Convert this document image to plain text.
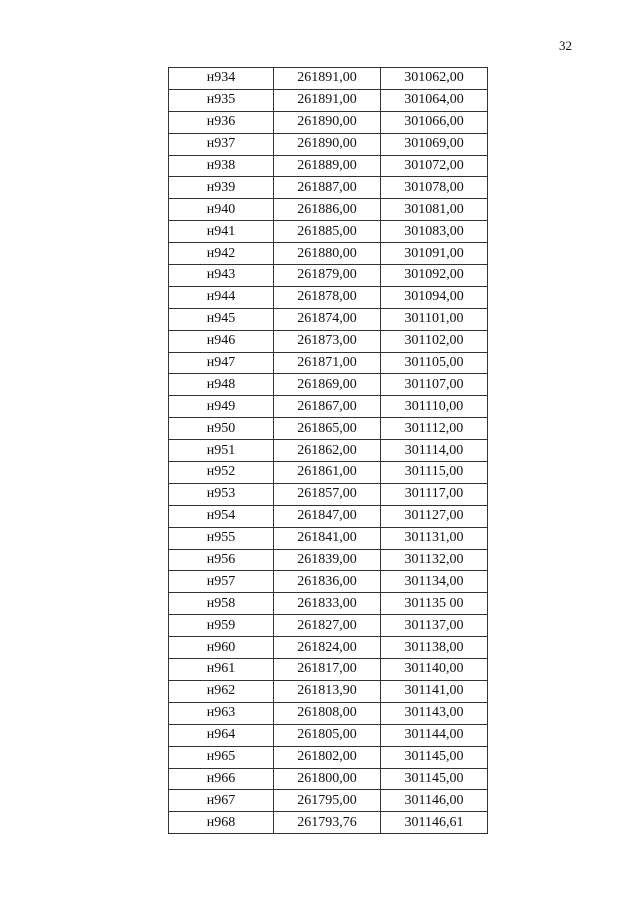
32
н934	261891,00	301062,00
н935	261891,00	301064,00
н936	261890,00	301066,00
н937	261890,00	301069,00
н938	261889,00	301072,00
н939	261887,00	301078,00
н940	261886,00	301081,00
н941	261885,00	301083,00
н942	261880,00	301091,00
н943	261879,00	301092,00
н944	261878,00	301094,00
н945	261874,00	301101,00
н946	261873,00	301102,00
н947	261871,00	301105,00
н948	261869,00	301107,00
н949	261867,00	301110,00
н950	261865,00	301112,00
н951	261862,00	301114,00
н952	261861,00	301115,00
н953	261857,00	301117,00
н954	261847,00	301127,00
н955	261841,00	301131,00
н956	261839,00	301132,00
н957	261836,00	301134,00
н958	261833,00	301135 00
н959	261827,00	301137,00
н960	261824,00	301138,00
н961	261817,00	301140,00
н962	261813,90	301141,00
н963	261808,00	301143,00
н964	261805,00	301144,00
н965	261802,00	301145,00
н966	261800,00	301145,00
н967	261795,00	301146,00
н968	261793,76	301146,61
